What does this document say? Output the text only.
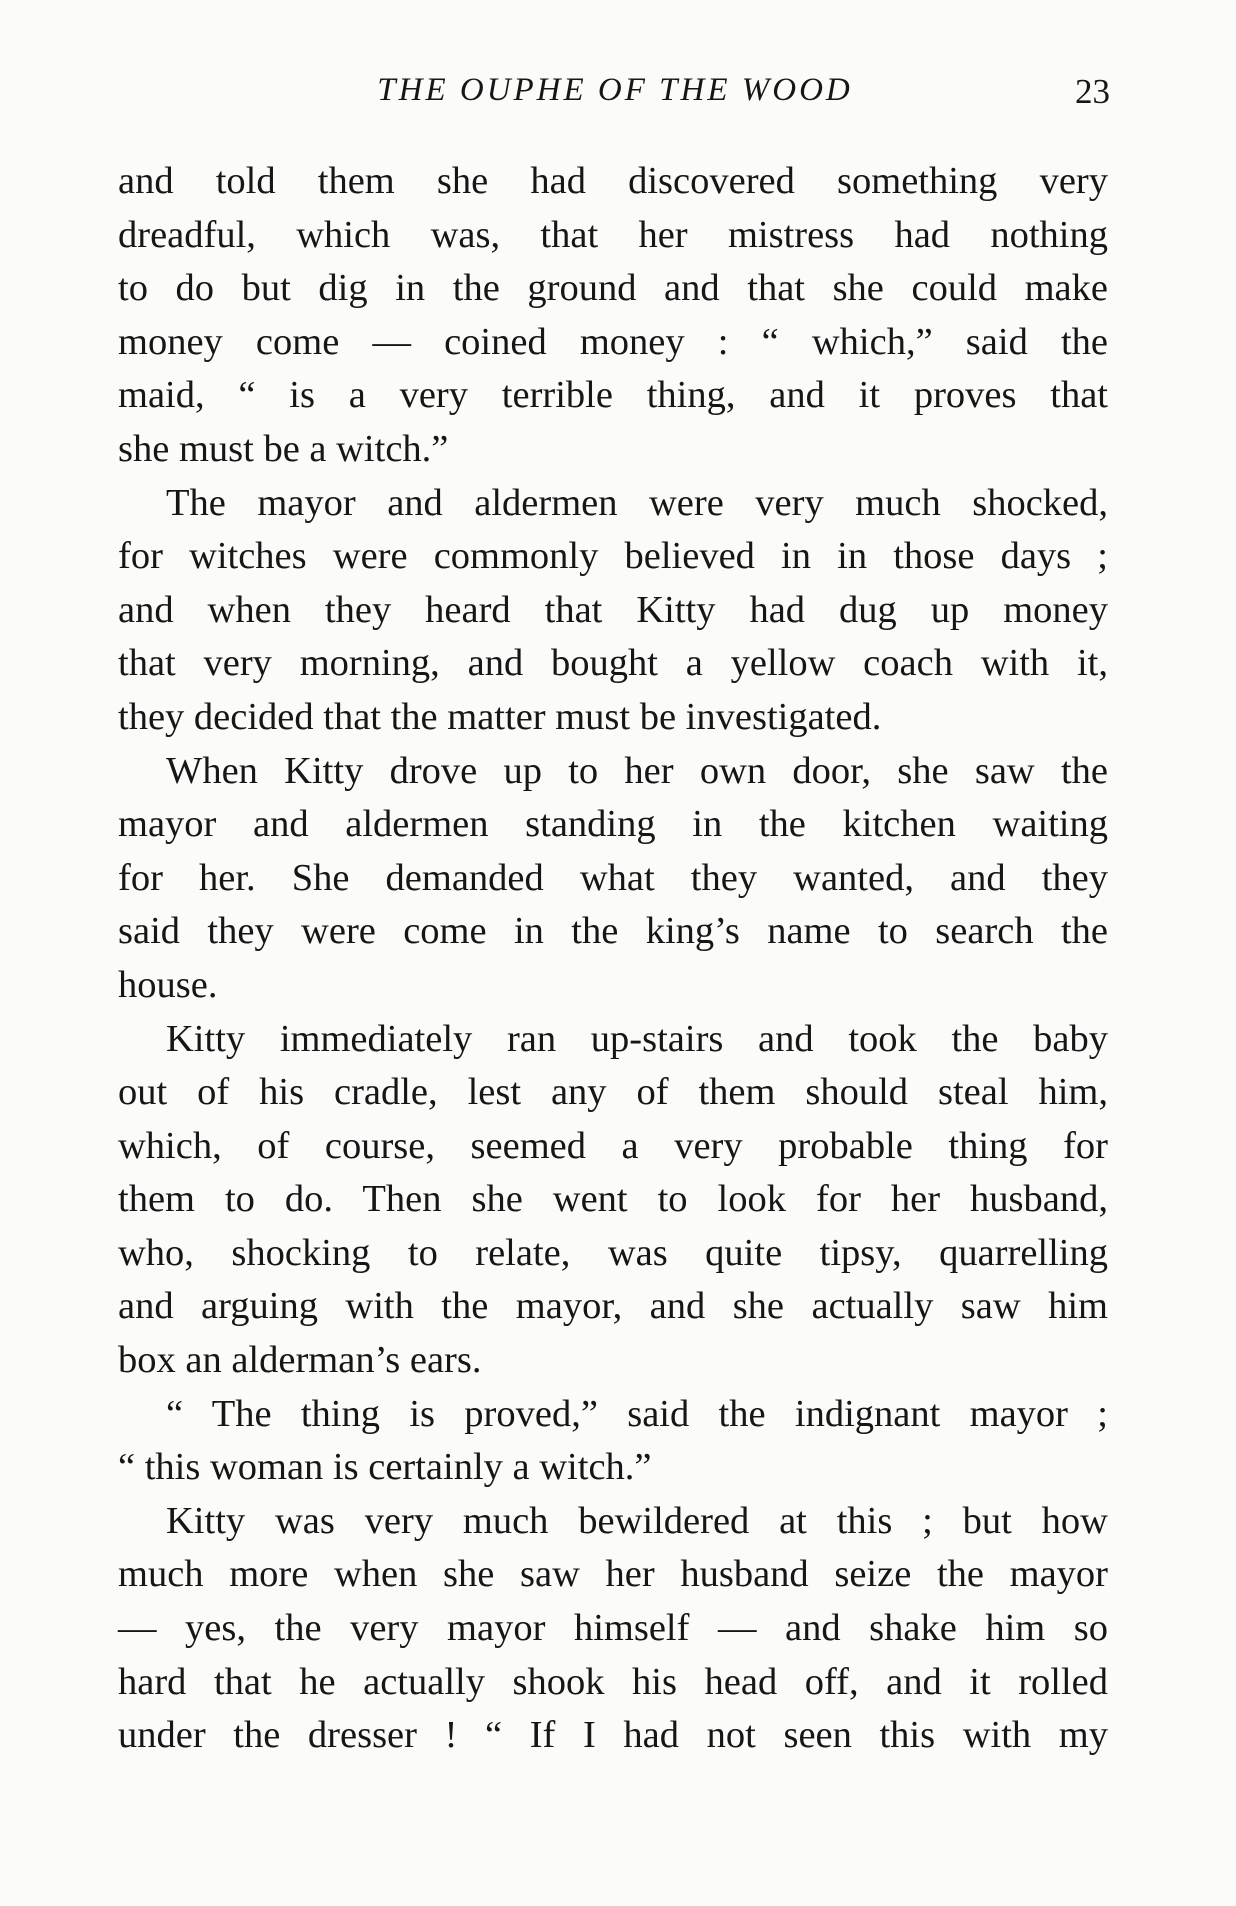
THE OUPHE OF THE WOOD	23
and told them she had discovered something very
dreadful, which was, that her mistress had nothing
to do but dig in the ground and that she could make
money come — coined money : “ which,” said the
maid, “ is a very terrible thing, and it proves that
she must be a witch.”
The mayor and aldermen were very much shocked,
for witches were commonly believed in in those days ;
and when they heard that Kitty had dug up money
that very morning, and bought a yellow coach with it,
they decided that the matter must be investigated.
When Kitty drove up to her own door, she saw the
mayor and aldermen standing in the kitchen waiting
for her. She demanded what they wanted, and they
said they were come in the king’s name to search the
house.
Kitty immediately ran up-stairs and took the baby
out of his cradle, lest any of them should steal him,
which, of course, seemed a very probable thing for
them to do. Then she went to look for her husband,
who, shocking to relate, was quite tipsy, quarrelling
and arguing with the mayor, and she actually saw him
box an alderman’s ears.
“ The thing is proved,” said the indignant mayor ;
“ this woman is certainly a witch.”
Kitty was very much bewildered at this ; but how
much more when she saw her husband seize the mayor
— yes, the very mayor himself — and shake him so
hard that he actually shook his head off, and it rolled
under the dresser ! “ If I had not seen this with my
